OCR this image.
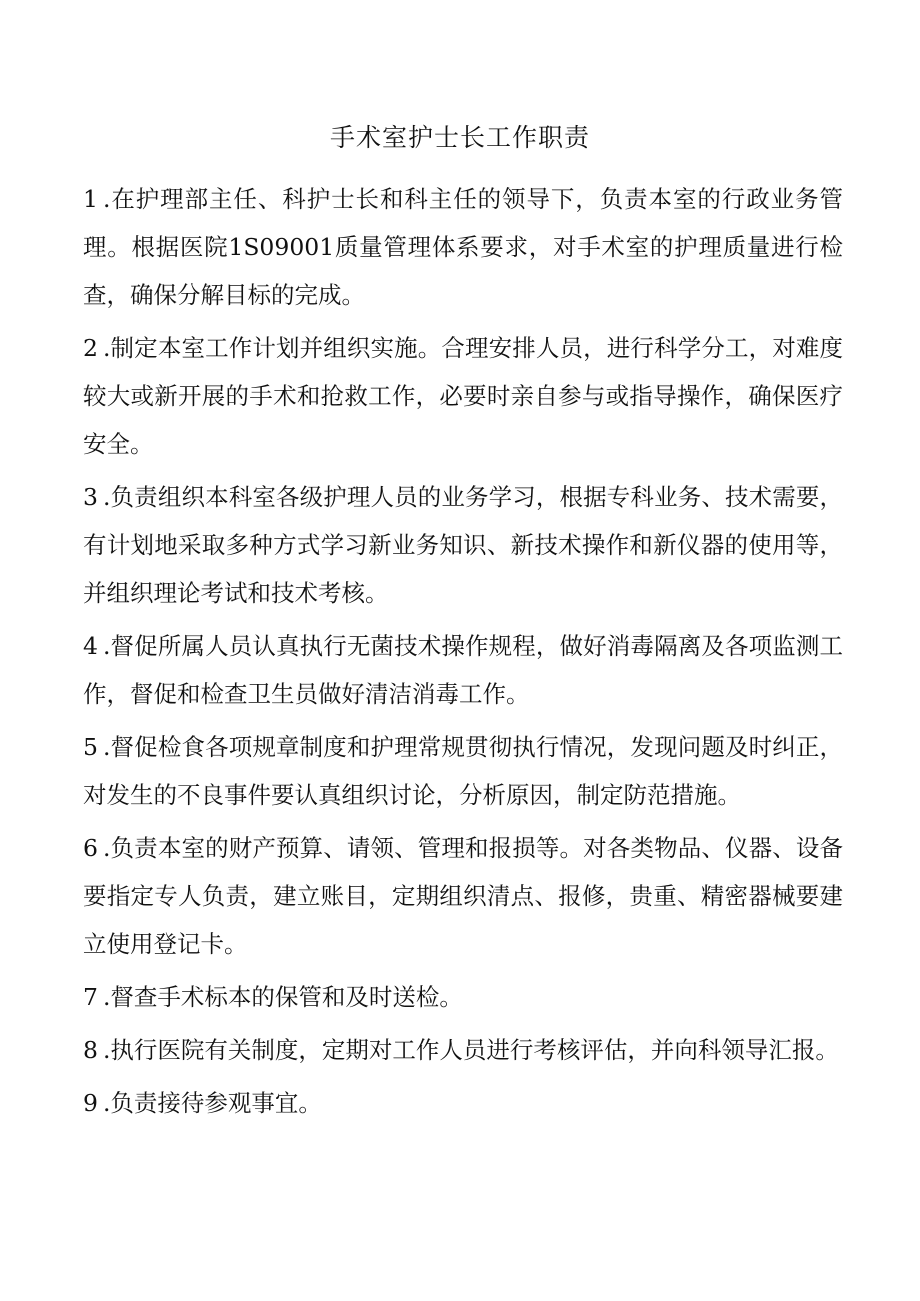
手术室护士长工作职责
1 .在护理部主任、科护士长和科主任的领导下，负责本室的行政业务管理。根据医院1S09001质量管理体系要求，对手术室的护理质量进行检查，确保分解目标的完成。
2 .制定本室工作计划并组织实施。合理安排人员，进行科学分工，对难度较大或新开展的手术和抢救工作，必要时亲自参与或指导操作，确保医疗安全。
3 .负责组织本科室各级护理人员的业务学习，根据专科业务、技术需要，有计划地采取多种方式学习新业务知识、新技术操作和新仪器的使用等，并组织理论考试和技术考核。
4 .督促所属人员认真执行无菌技术操作规程，做好消毒隔离及各项监测工作，督促和检查卫生员做好清洁消毒工作。
5 .督促检食各项规章制度和护理常规贯彻执行情况，发现问题及时纠正，对发生的不良事件要认真组织讨论，分析原因，制定防范措施。
6 .负责本室的财产预算、请领、管理和报损等。对各类物品、仪器、设备要指定专人负责，建立账目，定期组织清点、报修，贵重、精密器械要建立使用登记卡。
7 .督查手术标本的保管和及时送检。
8 .执行医院有关制度，定期对工作人员进行考核评估，并向科领导汇报。
9 .负责接待参观事宜。
